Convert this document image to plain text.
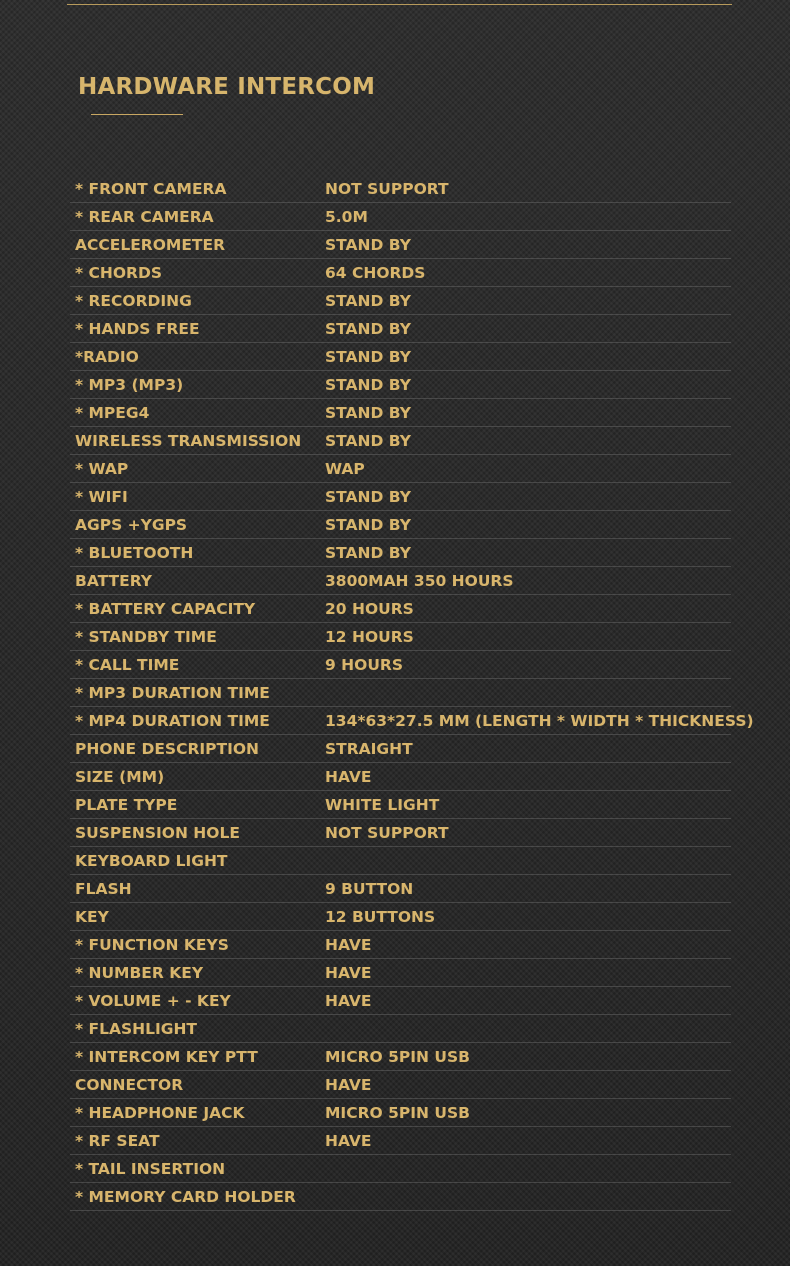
HARDWARE INTERCOM
* FRONT CAMERA	NOT SUPPORT
* REAR CAMERA	5.0M
ACCELEROMETER	STAND BY
* CHORDS	64 CHORDS
* RECORDING	STAND BY
* HANDS FREE	STAND BY
*RADIO	STAND BY
* MP3 (MP3)	STAND BY
* MPEG4	STAND BY
WIRELESS TRANSMISSION STAND BY
* WAP	WAP
* WIFI	STAND BY
AGPS +YGPS	STAND BY
* BLUETOOTH	STAND BY
BATTERY	3800MAH 350 HOURS
* BATTERY CAPACITY	20 HOURS
* STANDBY TIME	12 HOURS
* CALL TIME	9 HOURS
* MP3 DURATION TIME
* MP4 DURATION TIME	134*63*27.5 MM (LENGTH * WIDTH * THICKNESS)
PHONE DESCRIPTION	STRAIGHT
SIZE (MM)	HAVE
PLATE TYPE	WHITE LIGHT
SUSPENSION HOLE	NOT SUPPORT
KEYBOARD LIGHT
FLASH	9 BUTTON
KEY	12 BUTTONS
* FUNCTION KEYS	HAVE
* NUMBER KEY	HAVE
* VOLUME + - KEY	HAVE
* FLASHLIGHT
* INTERCOM KEY PTT	MICRO 5PIN USB
CONNECTOR	HAVE
* HEADPHONE JACK	MICRO 5PIN USB
* RF SEAT	HAVE
* TAIL INSERTION
* MEMORY CARD HOLDER
